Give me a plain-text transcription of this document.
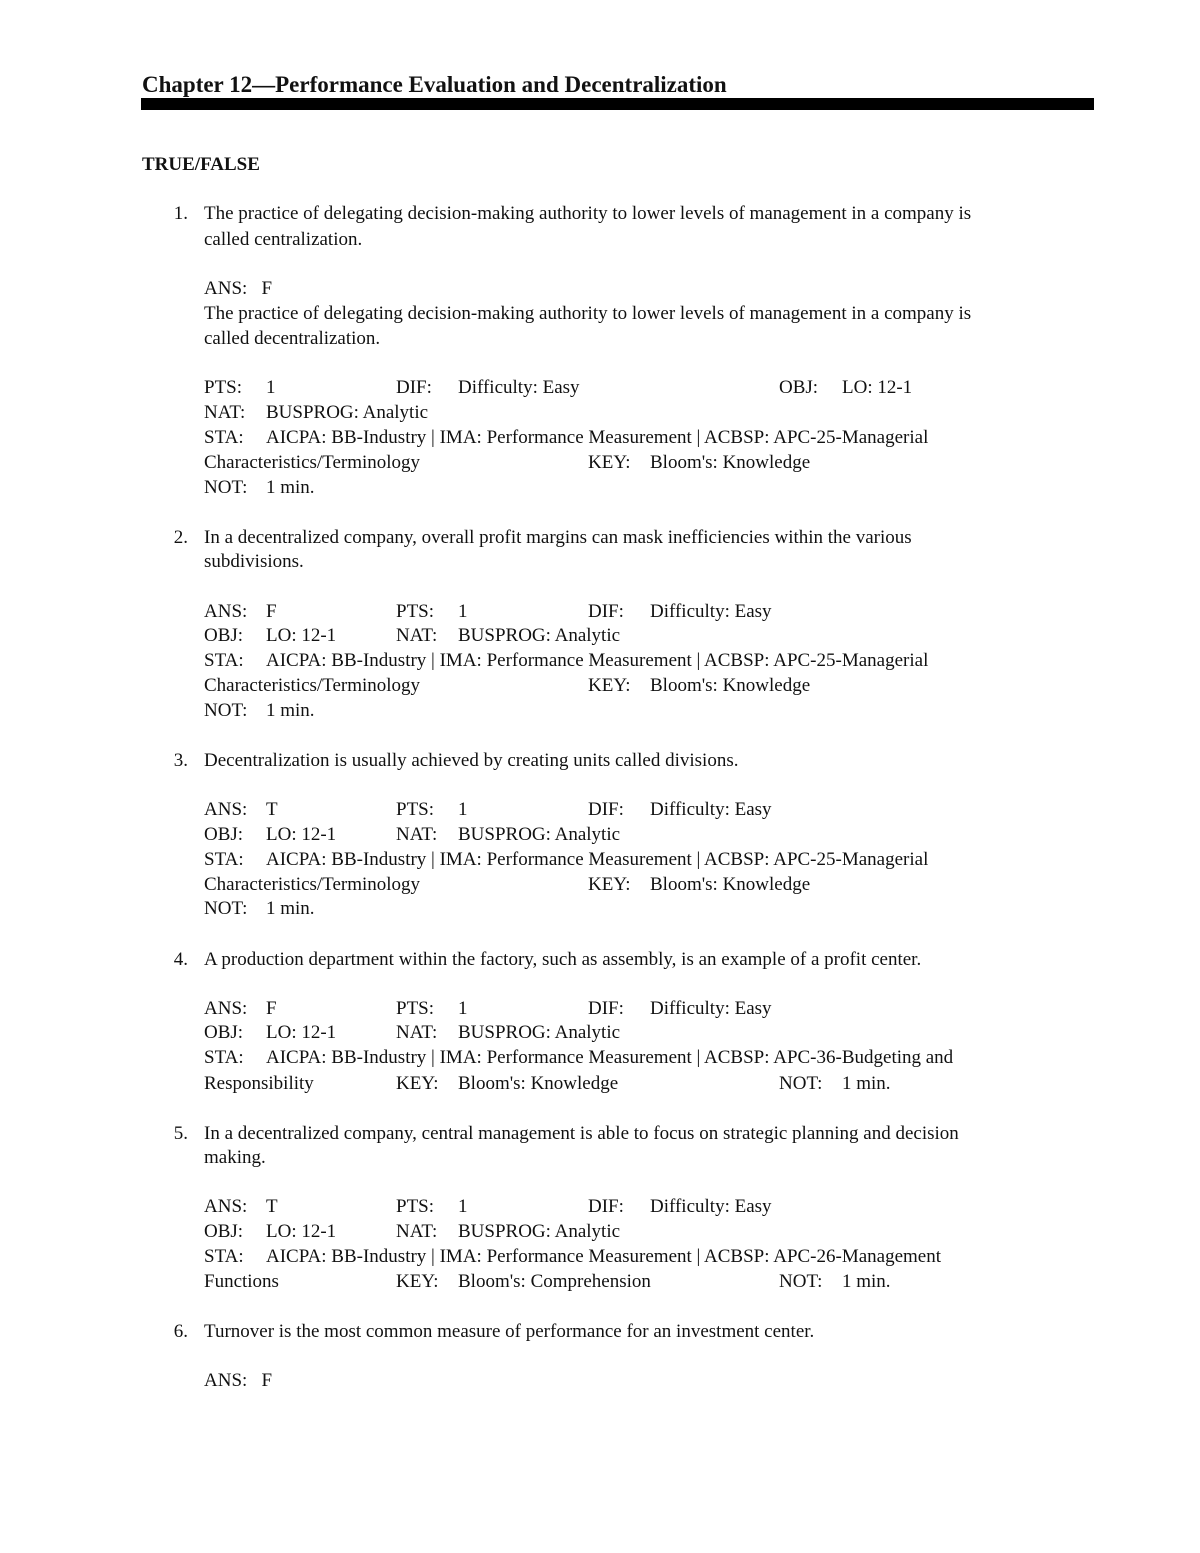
Chapter 12—Performance Evaluation and Decentralization
TRUE/FALSE
1. The practice of delegating decision-making authority to lower levels of management in a company is
called centralization.
ANS:   F
The practice of delegating decision-making authority to lower levels of management in a company is
called decentralization.
PTS: 1	DIF: Difficulty: Easy	OBJ: LO: 12-1
NAT: BUSPROG: Analytic
STA: AICPA: BB-Industry | IMA: Performance Measurement | ACBSP: APC-25-Managerial
Characteristics/Terminology	KEY: Bloom's: Knowledge
NOT: 1 min.
2. In a decentralized company, overall profit margins can mask inefficiencies within the various
subdivisions.
ANS: F	PTS: 1	DIF: Difficulty: Easy
OBJ: LO: 12-1	NAT: BUSPROG: Analytic
STA: AICPA: BB-Industry | IMA: Performance Measurement | ACBSP: APC-25-Managerial
Characteristics/Terminology	KEY: Bloom's: Knowledge
NOT: 1 min.
3. Decentralization is usually achieved by creating units called divisions.
ANS: T	PTS: 1	DIF: Difficulty: Easy
OBJ: LO: 12-1	NAT: BUSPROG: Analytic
STA: AICPA: BB-Industry | IMA: Performance Measurement | ACBSP: APC-25-Managerial
Characteristics/Terminology	KEY: Bloom's: Knowledge
NOT: 1 min.
4. A production department within the factory, such as assembly, is an example of a profit center.
ANS: F	PTS: 1	DIF: Difficulty: Easy
OBJ: LO: 12-1	NAT: BUSPROG: Analytic
STA: AICPA: BB-Industry | IMA: Performance Measurement | ACBSP: APC-36-Budgeting and
Responsibility	KEY: Bloom's: Knowledge	NOT: 1 min.
5. In a decentralized company, central management is able to focus on strategic planning and decision
making.
ANS: T	PTS: 1	DIF: Difficulty: Easy
OBJ: LO: 12-1	NAT: BUSPROG: Analytic
STA: AICPA: BB-Industry | IMA: Performance Measurement | ACBSP: APC-26-Management
Functions	KEY: Bloom's: Comprehension	NOT: 1 min.
6. Turnover is the most common measure of performance for an investment center.
ANS:   F
